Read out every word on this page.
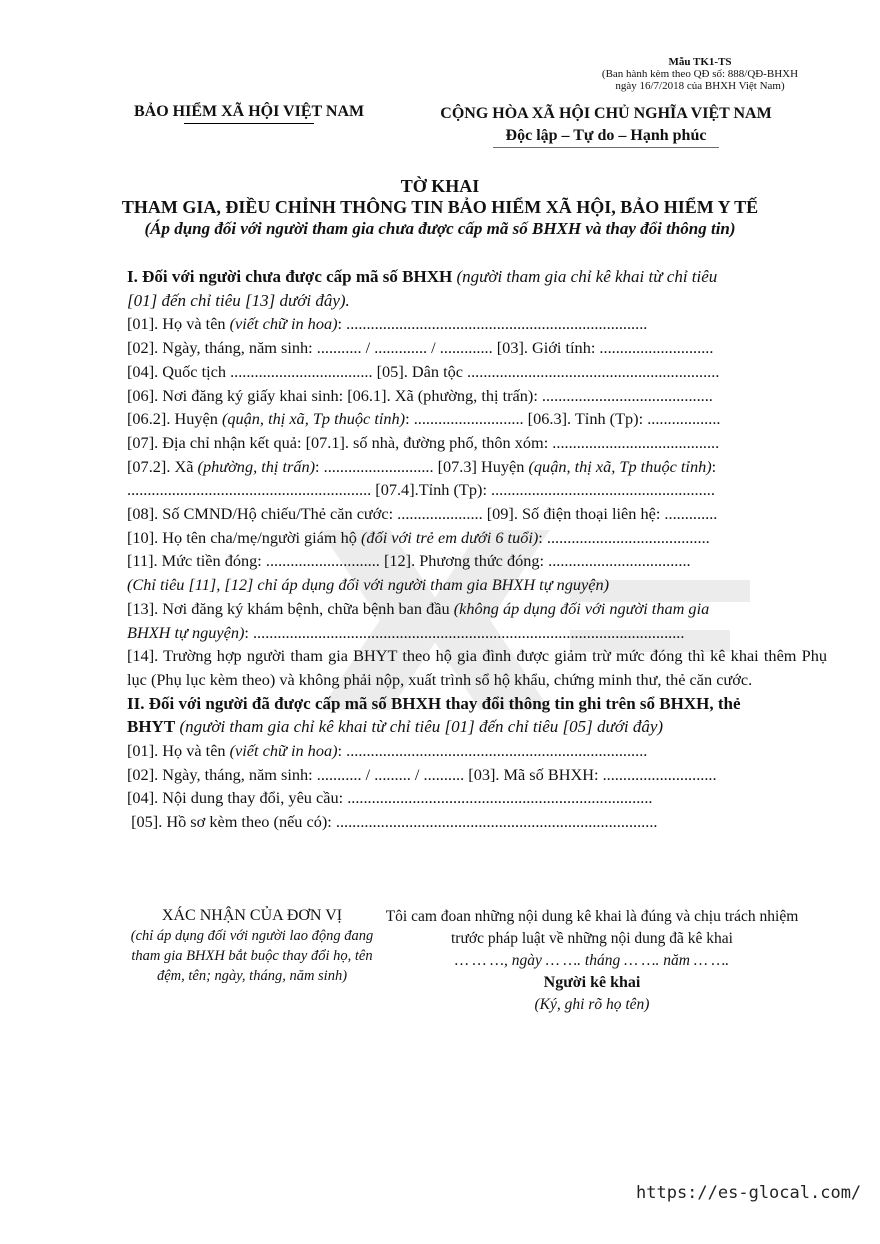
Mẫu TK1-TS
(Ban hành kèm theo QĐ số: 888/QĐ-BHXH
ngày 16/7/2018 của BHXH Việt Nam)
BẢO HIỂM XÃ HỘI VIỆT NAM	CỘNG HÒA XÃ HỘI CHỦ NGHĨA VIỆT NAM
Độc lập – Tự do – Hạnh phúc
TỜ KHAI
THAM GIA, ĐIỀU CHỈNH THÔNG TIN BẢO HIỂM XÃ HỘI, BẢO HIỂM Y TẾ
(Áp dụng đối với người tham gia chưa được cấp mã số BHXH và thay đổi thông tin)
I. Đối với người chưa được cấp mã số BHXH (người tham gia chỉ kê khai từ chỉ tiêu
[01] đến chỉ tiêu [13] dưới đây).
[01]. Họ và tên (viết chữ in hoa): ..........................................................................
[02]. Ngày, tháng, năm sinh: ........... / ............. / ............. [03]. Giới tính: ............................
[04]. Quốc tịch ................................... [05]. Dân tộc ..............................................................
[06]. Nơi đăng ký giấy khai sinh: [06.1]. Xã (phường, thị trấn): ..........................................
[06.2]. Huyện (quận, thị xã, Tp thuộc tỉnh): ........................... [06.3]. Tỉnh (Tp): ..................
[07]. Địa chỉ nhận kết quả: [07.1]. số nhà, đường phố, thôn xóm: .........................................
[07.2]. Xã (phường, thị trấn): ........................... [07.3] Huyện (quận, thị xã, Tp thuộc tỉnh):
............................................................ [07.4].Tỉnh (Tp): .......................................................
[08]. Số CMND/Hộ chiếu/Thẻ căn cước: ..................... [09]. Số điện thoại liên hệ: .............
[10]. Họ tên cha/mẹ/người giám hộ (đối với trẻ em dưới 6 tuổi): ........................................
[11]. Mức tiền đóng: ............................ [12]. Phương thức đóng: ...................................
(Chỉ tiêu [11], [12] chỉ áp dụng đối với người tham gia BHXH tự nguyện)
[13]. Nơi đăng ký khám bệnh, chữa bệnh ban đầu (không áp dụng đối với người tham gia
BHXH tự nguyện): ..........................................................................................................
[14]. Trường hợp người tham gia BHYT theo hộ gia đình được giảm trừ mức đóng thì kê khai thêm Phụ lục (Phụ lục kèm theo) và không phải nộp, xuất trình sổ hộ khẩu, chứng minh thư, thẻ căn cước.
II. Đối với người đã được cấp mã số BHXH thay đổi thông tin ghi trên sổ BHXH, thẻ
BHYT (người tham gia chỉ kê khai từ chỉ tiêu [01] đến chỉ tiêu [05] dưới đây)
[01]. Họ và tên (viết chữ in hoa): ..........................................................................
[02]. Ngày, tháng, năm sinh: ........... / ......... / .......... [03]. Mã số BHXH: ............................
[04]. Nội dung thay đổi, yêu cầu: ...........................................................................
[05]. Hồ sơ kèm theo (nếu có): ...............................................................................
XÁC NHẬN CỦA ĐƠN VỊ
(chỉ áp dụng đối với người lao động đang tham gia BHXH bắt buộc thay đổi họ, tên đệm, tên; ngày, tháng, năm sinh)
Tôi cam đoan những nội dung kê khai là đúng và chịu trách nhiệm trước pháp luật về những nội dung đã kê khai
… … …, ngày … …. tháng … …. năm … ….
Người kê khai
(Ký, ghi rõ họ tên)
https://es-glocal.com/
